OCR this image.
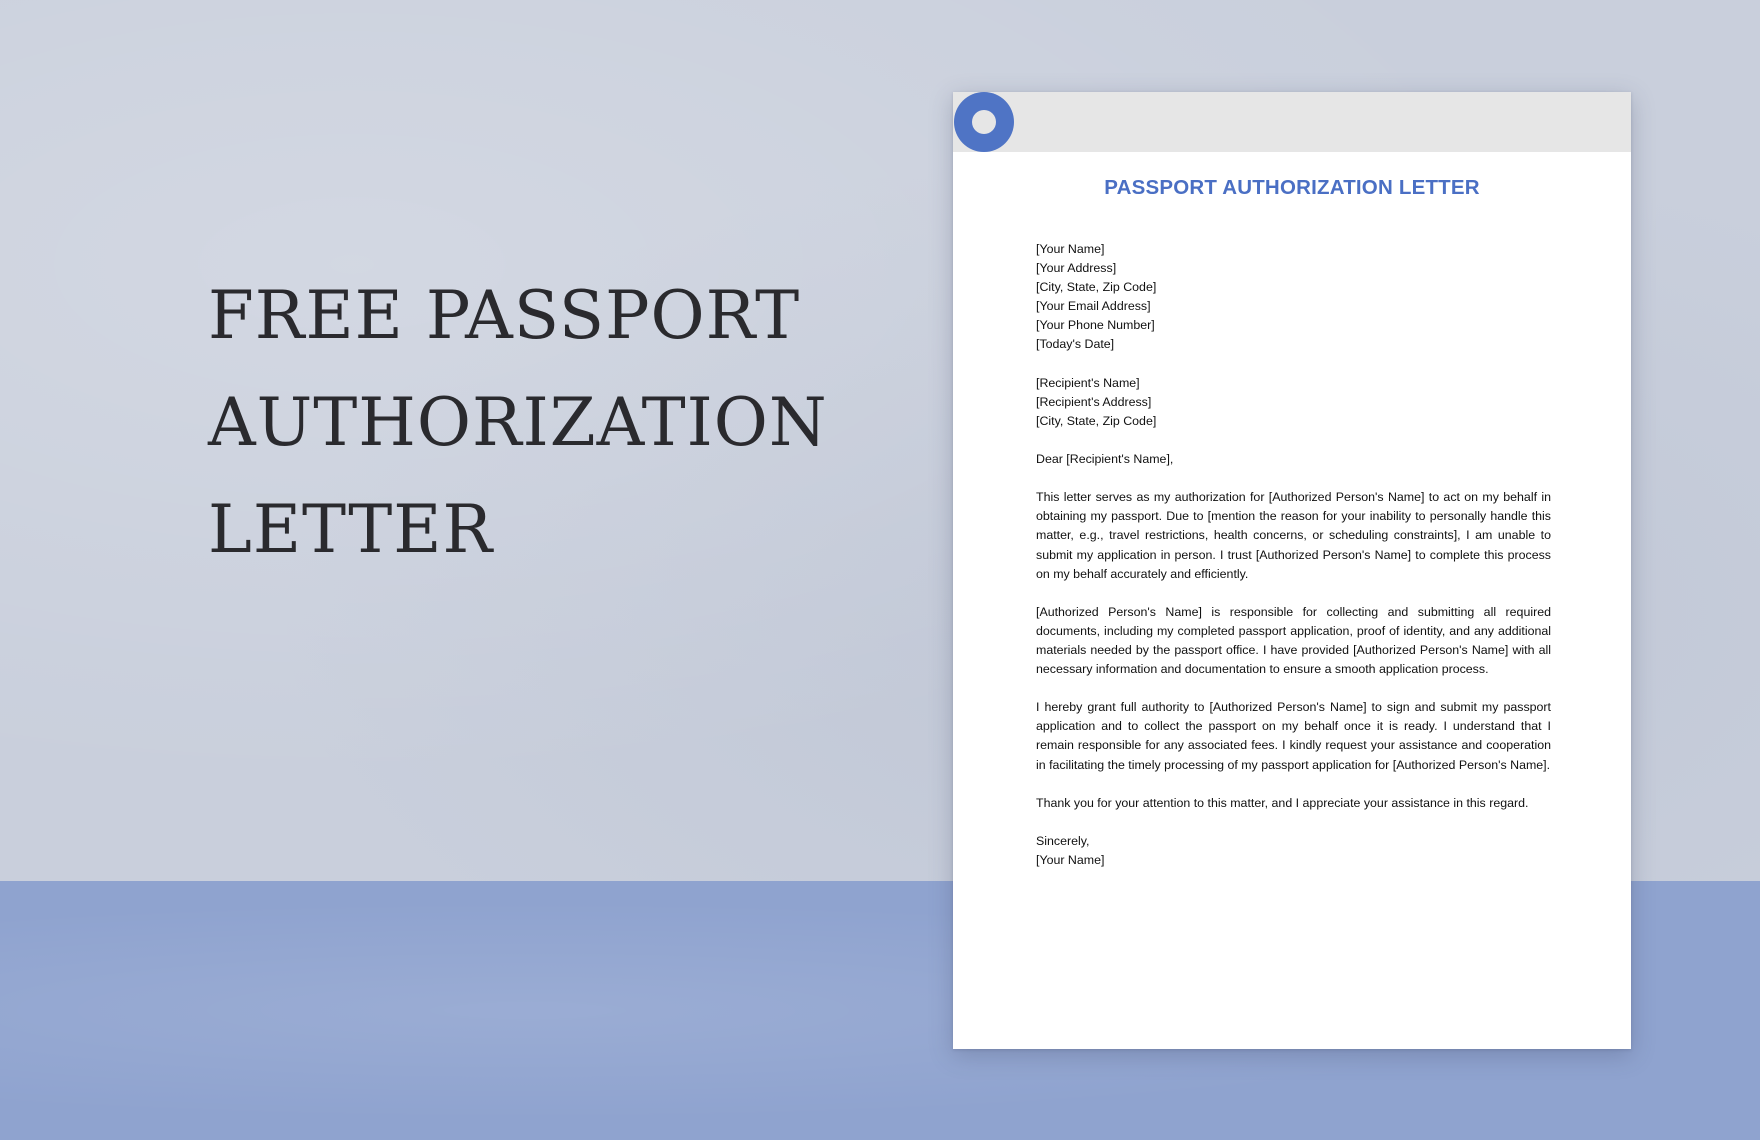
FREE PASSPORT
AUTHORIZATION
LETTER
PASSPORT AUTHORIZATION LETTER
[Your Name]
[Your Address]
[City, State, Zip Code]
[Your Email Address]
[Your Phone Number]
[Today's Date]
[Recipient's Name]
[Recipient's Address]
[City, State, Zip Code]
Dear [Recipient's Name],
This letter serves as my authorization for [Authorized Person's Name] to act on my behalf in obtaining my passport. Due to [mention the reason for your inability to personally handle this matter, e.g., travel restrictions, health concerns, or scheduling constraints], I am unable to submit my application in person. I trust [Authorized Person's Name] to complete this process on my behalf accurately and efficiently.
[Authorized Person's Name] is responsible for collecting and submitting all required documents, including my completed passport application, proof of identity, and any additional materials needed by the passport office. I have provided [Authorized Person's Name] with all necessary information and documentation to ensure a smooth application process.
I hereby grant full authority to [Authorized Person's Name] to sign and submit my passport application and to collect the passport on my behalf once it is ready. I understand that I remain responsible for any associated fees. I kindly request your assistance and cooperation in facilitating the timely processing of my passport application for [Authorized Person's Name].
Thank you for your attention to this matter, and I appreciate your assistance in this regard.
Sincerely,
[Your Name]
